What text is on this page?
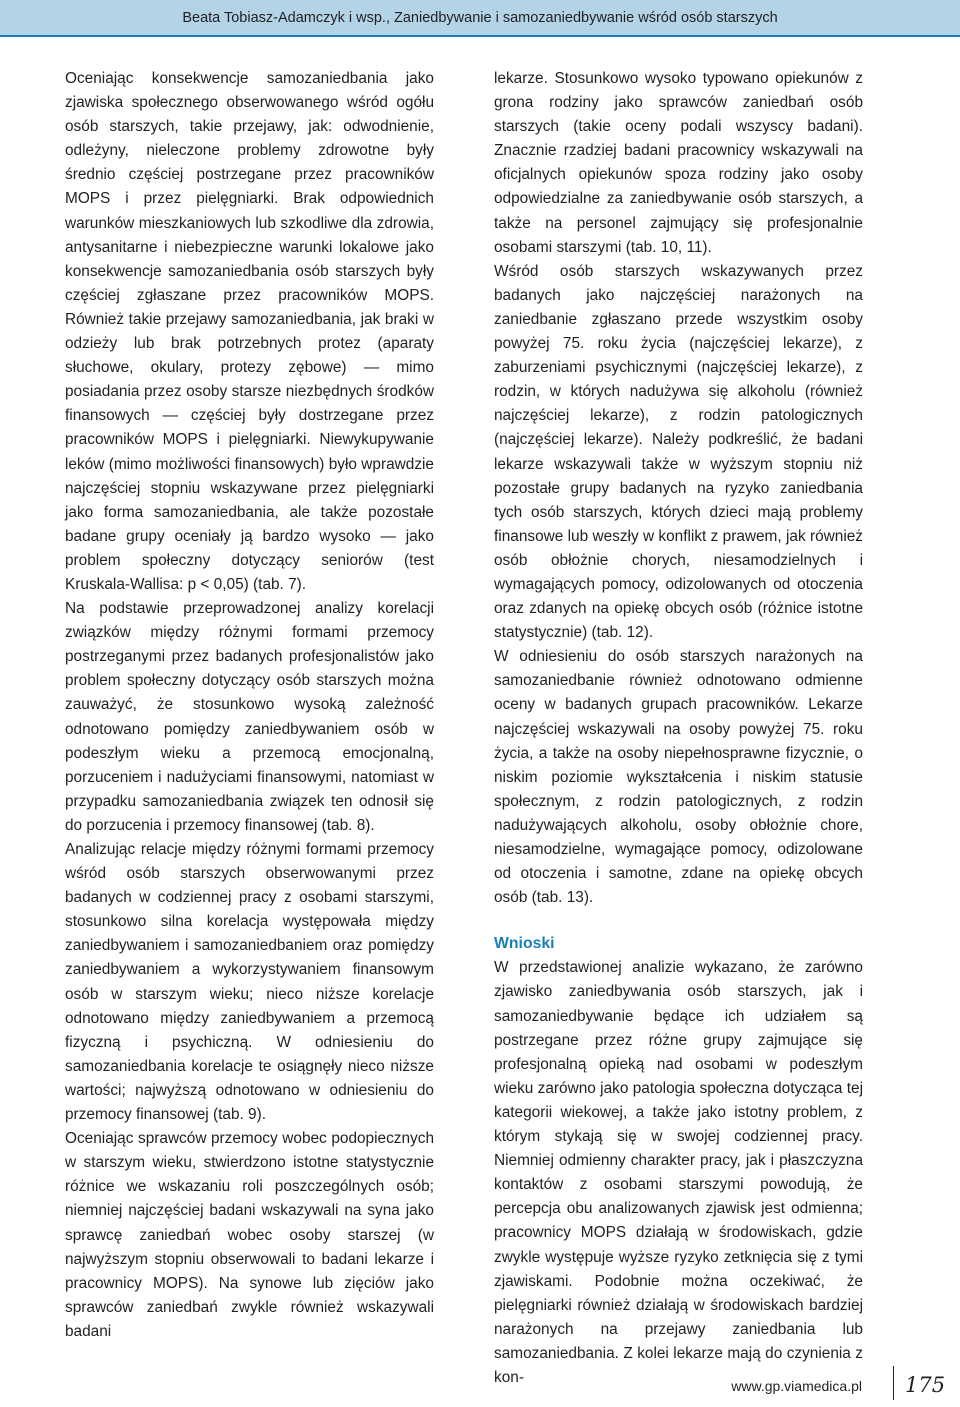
Beata Tobiasz-Adamczyk i wsp. , Zaniedbywanie i samozaniedbywanie wśród osób starszych

Oceniając konsekwencje samozaniedbania jako zjawiska społecznego obserwowanego wśród ogółu osób starszych, takie przejawy, jak: odwodnienie, odleżyny, nieleczone problemy zdrowotne były średnio częściej postrzegane przez pracowników MOPS i przez pielęgniarki. Brak odpowiednich warunków mieszkaniowych lub szkodliwe dla zdrowia, antysanitarne i niebezpieczne warunki lokalowe jako konsekwencje samozaniedbania osób starszych były częściej zgłaszane przez pracowników MOPS. Również takie przejawy samozaniedbania, jak braki w odzieży lub brak potrzebnych protez (aparaty słuchowe, okulary, protezy zębowe) — mimo posiadania przez osoby starsze niezbędnych środków finansowych — częściej były dostrzegane przez pracowników MOPS i pielęgniarki. Niewykupywanie leków (mimo możliwości finansowych) było wprawdzie najczęściej stopniu wskazywane przez pielęgniarki jako forma samozaniedbania, ale także pozostałe badane grupy oceniały ją bardzo wysoko — jako problem społeczny dotyczący seniorów (test Kruskala-Wallisa: p < 0,05) (tab. 7).

Na podstawie przeprowadzonej analizy korelacji związków między różnymi formami przemocy postrzeganymi przez badanych profesjonalistów jako problem społeczny dotyczący osób starszych można zauważyć, że stosunkowo wysoką zależność odnotowano pomiędzy zaniedbywaniem osób w podeszłym wieku a przemocą emocjonalną, porzuceniem i nadużyciami finansowymi, natomiast w przypadku samozaniedbania związek ten odnosił się do porzucenia i przemocy finansowej (tab. 8).

Analizując relacje między różnymi formami przemocy wśród osób starszych obserwowanymi przez badanych w codziennej pracy z osobami starszymi, stosunkowo silna korelacja występowała między zaniedbywaniem i samozaniedbaniem oraz pomiędzy zaniedbywaniem a wykorzystywaniem finansowym osób w starszym wieku; nieco niższe korelacje odnotowano między zaniedbywaniem a przemocą fizyczną i psychiczną. W odniesieniu do samozaniedbania korelacje te osiągnęły nieco niższe wartości; najwyższą odnotowano w odniesieniu do przemocy finansowej (tab. 9).

Oceniając sprawców przemocy wobec podopiecznych w starszym wieku, stwierdzono istotne statystycznie różnice we wskazaniu roli poszczególnych osób; niemniej najczęściej badani wskazywali na syna jako sprawcę zaniedbań wobec osoby starszej (w najwyższym stopniu obserwowali to badani lekarze i pracownicy MOPS). Na synowe lub zięciów jako sprawców zaniedbań zwykle również wskazywali badani

lekarze. Stosunkowo wysoko typowano opiekunów z grona rodziny jako sprawców zaniedbań osób starszych (takie oceny podali wszyscy badani). Znacznie rzadziej badani pracownicy wskazywali na oficjalnych opiekunów spoza rodziny jako osoby odpowiedzialne za zaniedbywanie osób starszych, a także na personel zajmujący się profesjonalnie osobami starszymi (tab. 10, 11).

Wśród osób starszych wskazywanych przez badanych jako najczęściej narażonych na zaniedbanie zgłaszano przede wszystkim osoby powyżej 75. roku życia (najczęściej lekarze), z zaburzeniami psychicznymi (najczęściej lekarze), z rodzin, w których nadużywa się alkoholu (również najczęściej lekarze), z rodzin patologicznych (najczęściej lekarze). Należy podkreślić, że badani lekarze wskazywali także w wyższym stopniu niż pozostałe grupy badanych na ryzyko zaniedbania tych osób starszych, których dzieci mają problemy finansowe lub weszły w konflikt z prawem, jak również osób obłożnie chorych, niesamodzielnych i wymagających pomocy, odizolowanych od otoczenia oraz zdanych na opiekę obcych osób (różnice istotne statystycznie) (tab. 12).

W odniesieniu do osób starszych narażonych na samozaniedbanie również odnotowano odmienne oceny w badanych grupach pracowników. Lekarze najczęściej wskazywali na osoby powyżej 75. roku życia, a także na osoby niepełnosprawne fizycznie, o niskim poziomie wykształcenia i niskim statusie społecznym, z rodzin patologicznych, z rodzin nadużywających alkoholu, osoby obłożnie chore, niesamodzielne, wymagające pomocy, odizolowane od otoczenia i samotne, zdane na opiekę obcych osób (tab. 13).

Wnioski

W przedstawionej analizie wykazano, że zarówno zjawisko zaniedbywania osób starszych, jak i samozaniedbywanie będące ich udziałem są postrzegane przez różne grupy zajmujące się profesjonalną opieką nad osobami w podeszłym wieku zarówno jako patologia społeczna dotycząca tej kategorii wiekowej, a także jako istotny problem, z którym stykają się w swojej codziennej pracy. Niemniej odmienny charakter pracy, jak i płaszczyzna kontaktów z osobami starszymi powodują, że percepcja obu analizowanych zjawisk jest odmienna; pracownicy MOPS działają w środowiskach, gdzie zwykle występuje wyższe ryzyko zetknięcia się z tymi zjawiskami. Podobnie można oczekiwać, że pielęgniarki również działają w środowiskach bardziej narażonych na przejawy zaniedbania lub samozaniedbania. Z kolei lekarze mają do czynienia z kon-

www.gp.viamedica.pl 175
